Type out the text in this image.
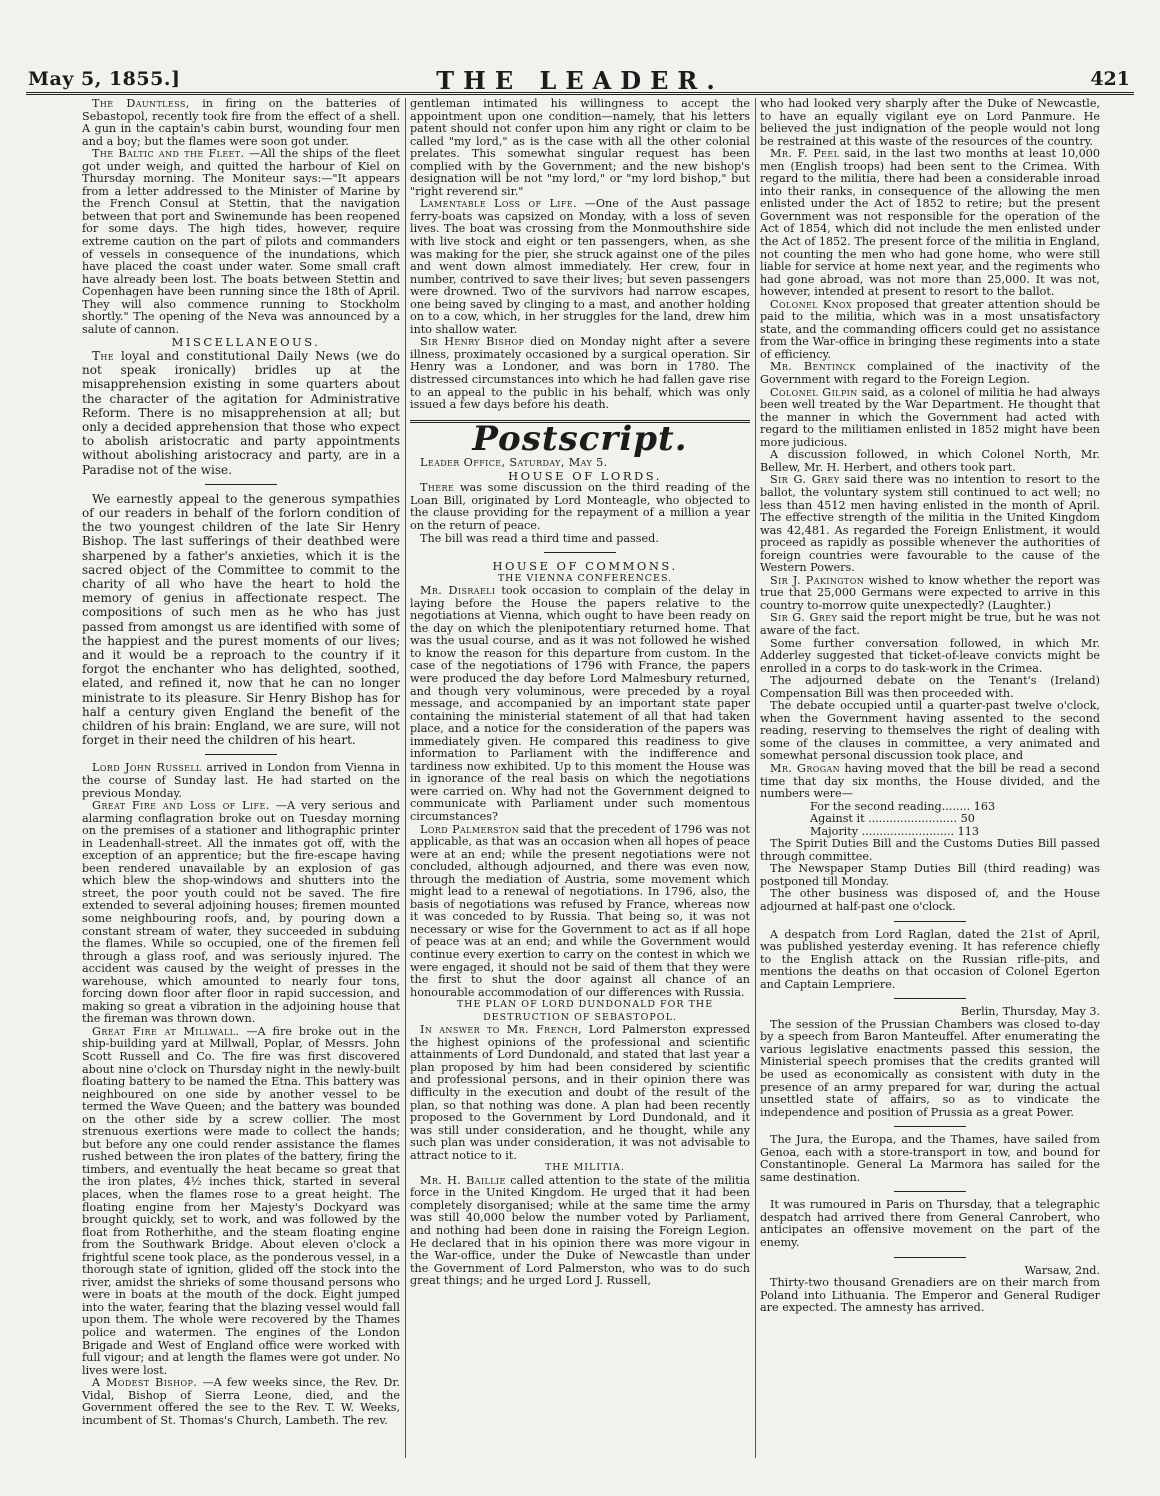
May 5, 1855.]	THE LEADER.	421

The Dauntless, in firing on the batteries of Sebastopol, recently took fire from the effect of a shell. A gun in the captain's cabin burst, wounding four men and a boy; but the flames were soon got under.

The Baltic and the Fleet. —All the ships of the fleet got under weigh, and quitted the harbour of Kiel on Thursday morning. The Moniteur says:—"It appears from a letter addressed to the Minister of Marine by the French Consul at Stettin, that the navigation between that port and Swinemunde has been reopened for some days. The high tides, however, require extreme caution on the part of pilots and commanders of vessels in consequence of the inundations, which have placed the coast under water. Some small craft have already been lost. The boats between Stettin and Copenhagen have been running since the 18th of April. They will also commence running to Stockholm shortly." The opening of the Neva was announced by a salute of cannon.

MISCELLANEOUS.

The loyal and constitutional Daily News (we do not speak ironically) bridles up at the misapprehension existing in some quarters about the character of the agitation for Administrative Reform. There is no misapprehension at all; but only a decided apprehension that those who expect to abolish aristocratic and party appointments without abolishing aristocracy and party, are in a Paradise not of the wise.

We earnestly appeal to the generous sympathies of our readers in behalf of the forlorn condition of the two youngest children of the late Sir Henry Bishop. The last sufferings of their deathbed were sharpened by a father's anxieties, which it is the sacred object of the Committee to commit to the charity of all who have the heart to hold the memory of genius in affectionate respect. The compositions of such men as he who has just passed from amongst us are identified with some of the happiest and the purest moments of our lives; and it would be a reproach to the country if it forgot the enchanter who has delighted, soothed, elated, and refined it, now that he can no longer ministrate to its pleasure. Sir Henry Bishop has for half a century given England the benefit of the children of his brain: England, we are sure, will not forget in their need the children of his heart.

Lord John Russell arrived in London from Vienna in the course of Sunday last. He had started on the previous Monday.

Great Fire and Loss of Life. —A very serious and alarming conflagration broke out on Tuesday morning on the premises of a stationer and lithographic printer in Leadenhall-street. All the inmates got off, with the exception of an apprentice; but the fire-escape having been rendered unavailable by an explosion of gas which blew the shop-windows and shutters into the street, the poor youth could not be saved. The fire extended to several adjoining houses; firemen mounted some neighbouring roofs, and, by pouring down a constant stream of water, they succeeded in subduing the flames. While so occupied, one of the firemen fell through a glass roof, and was seriously injured. The accident was caused by the weight of presses in the warehouse, which amounted to nearly four tons, forcing down floor after floor in rapid succession, and making so great a vibration in the adjoining house that the fireman was thrown down.

Great Fire at Millwall. —A fire broke out in the ship-building yard at Millwall, Poplar, of Messrs. John Scott Russell and Co. The fire was first discovered about nine o'clock on Thursday night in the newly-built floating battery to be named the Etna. This battery was neighboured on one side by another vessel to be termed the Wave Queen; and the battery was bounded on the other side by a screw collier. The most strenuous exertions were made to collect the hands; but before any one could render assistance the flames rushed between the iron plates of the battery, firing the timbers, and eventually the heat became so great that the iron plates, 4½ inches thick, started in several places, when the flames rose to a great height. The floating engine from her Majesty's Dockyard was brought quickly, set to work, and was followed by the float from Rotherhithe, and the steam floating engine from the Southwark Bridge. About eleven o'clock a frightful scene took place, as the ponderous vessel, in a thorough state of ignition, glided off the stock into the river, amidst the shrieks of some thousand persons who were in boats at the mouth of the dock. Eight jumped into the water, fearing that the blazing vessel would fall upon them. The whole were recovered by the Thames police and watermen. The engines of the London Brigade and West of England office were worked with full vigour; and at length the flames were got under. No lives were lost.

A Modest Bishop. —A few weeks since, the Rev. Dr. Vidal, Bishop of Sierra Leone, died, and the Government offered the see to the Rev. T. W. Weeks, incumbent of St. Thomas's Church, Lambeth. The rev.

gentleman intimated his willingness to accept the appointment upon one condition—namely, that his letters patent should not confer upon him any right or claim to be called "my lord," as is the case with all the other colonial prelates. This somewhat singular request has been complied with by the Government; and the new bishop's designation will be not "my lord," or "my lord bishop," but "right reverend sir."

Lamentable Loss of Life. —One of the Aust passage ferry-boats was capsized on Monday, with a loss of seven lives. The boat was crossing from the Monmouthshire side with live stock and eight or ten passengers, when, as she was making for the pier, she struck against one of the piles and went down almost immediately. Her crew, four in number, contrived to save their lives; but seven passengers were drowned. Two of the survivors had narrow escapes, one being saved by clinging to a mast, and another holding on to a cow, which, in her struggles for the land, drew him into shallow water.

Sir Henry Bishop died on Monday night after a severe illness, proximately occasioned by a surgical operation. Sir Henry was a Londoner, and was born in 1780. The distressed circumstances into which he had fallen gave rise to an appeal to the public in his behalf, which was only issued a few days before his death.

Postscript.

Leader Office, Saturday, May 5.

HOUSE OF LORDS.

There was some discussion on the third reading of the Loan Bill, originated by Lord Monteagle, who objected to the clause providing for the repayment of a million a year on the return of peace.

The bill was read a third time and passed.

HOUSE OF COMMONS.

THE VIENNA CONFERENCES.

Mr. Disraeli took occasion to complain of the delay in laying before the House the papers relative to the negotiations at Vienna, which ought to have been ready on the day on which the plenipotentiary returned home. That was the usual course, and as it was not followed he wished to know the reason for this departure from custom. In the case of the negotiations of 1796 with France, the papers were produced the day before Lord Malmesbury returned, and though very voluminous, were preceded by a royal message, and accompanied by an important state paper containing the ministerial statement of all that had taken place, and a notice for the consideration of the papers was immediately given. He compared this readiness to give information to Parliament with the indifference and tardiness now exhibited. Up to this moment the House was in ignorance of the real basis on which the negotiations were carried on. Why had not the Government deigned to communicate with Parliament under such momentous circumstances?

Lord Palmerston said that the precedent of 1796 was not applicable, as that was an occasion when all hopes of peace were at an end; while the present negotiations were not concluded, although adjourned, and there was even now, through the mediation of Austria, some movement which might lead to a renewal of negotiations. In 1796, also, the basis of negotiations was refused by France, whereas now it was conceded to by Russia. That being so, it was not necessary or wise for the Government to act as if all hope of peace was at an end; and while the Government would continue every exertion to carry on the contest in which we were engaged, it should not be said of them that they were the first to shut the door against all chance of an honourable accommodation of our differences with Russia.

THE PLAN OF LORD DUNDONALD FOR THE DESTRUCTION OF SEBASTOPOL.

In answer to Mr. French, Lord Palmerston expressed the highest opinions of the professional and scientific attainments of Lord Dundonald, and stated that last year a plan proposed by him had been considered by scientific and professional persons, and in their opinion there was difficulty in the execution and doubt of the result of the plan, so that nothing was done. A plan had been recently proposed to the Government by Lord Dundonald, and it was still under consideration, and he thought, while any such plan was under consideration, it was not advisable to attract notice to it.

THE MILITIA.

Mr. H. Baillie called attention to the state of the militia force in the United Kingdom. He urged that it had been completely disorganised; while at the same time the army was still 40,000 below the number voted by Parliament, and nothing had been done in raising the Foreign Legion. He declared that in his opinion there was more vigour in the War-office, under the Duke of Newcastle than under the Government of Lord Palmerston, who was to do such great things; and he urged Lord J. Russell,

who had looked very sharply after the Duke of Newcastle, to have an equally vigilant eye on Lord Panmure. He believed the just indignation of the people would not long be restrained at this waste of the resources of the country.

Mr. F. Peel said, in the last two months at least 10,000 men (English troops) had been sent to the Crimea. With regard to the militia, there had been a considerable inroad into their ranks, in consequence of the allowing the men enlisted under the Act of 1852 to retire; but the present Government was not responsible for the operation of the Act of 1854, which did not include the men enlisted under the Act of 1852. The present force of the militia in England, not counting the men who had gone home, who were still liable for service at home next year, and the regiments who had gone abroad, was not more than 25,000. It was not, however, intended at present to resort to the ballot.

Colonel Knox proposed that greater attention should be paid to the militia, which was in a most unsatisfactory state, and the commanding officers could get no assistance from the War-office in bringing these regiments into a state of efficiency.

Mr. Bentinck complained of the inactivity of the Government with regard to the Foreign Legion.

Colonel Gilpin said, as a colonel of militia he had always been well treated by the War Department. He thought that the manner in which the Government had acted with regard to the militiamen enlisted in 1852 might have been more judicious.

A discussion followed, in which Colonel North, Mr. Bellew, Mr. H. Herbert, and others took part.

Sir G. Grey said there was no intention to resort to the ballot, the voluntary system still continued to act well; no less than 4512 men having enlisted in the month of April. The effective strength of the militia in the United Kingdom was 42,481. As regarded the Foreign Enlistment, it would proceed as rapidly as possible whenever the authorities of foreign countries were favourable to the cause of the Western Powers.

Sir J. Pakington wished to know whether the report was true that 25,000 Germans were expected to arrive in this country to-morrow quite unexpectedly? (Laughter.)

Sir G. Grey said the report might be true, but he was not aware of the fact.

Some further conversation followed, in which Mr. Adderley suggested that ticket-of-leave convicts might be enrolled in a corps to do task-work in the Crimea.

The adjourned debate on the Tenant's (Ireland) Compensation Bill was then proceeded with.

The debate occupied until a quarter-past twelve o'clock, when the Government having assented to the second reading, reserving to themselves the right of dealing with some of the clauses in committee, a very animated and somewhat personal discussion took place, and

Mr. Grogan having moved that the bill be read a second time that day six months, the House divided, and the numbers were—

For the second reading........ 163

Against it ......................... 50

Majority .......................... 113

The Spirit Duties Bill and the Customs Duties Bill passed through committee.

The Newspaper Stamp Duties Bill (third reading) was postponed till Monday.

The other business was disposed of, and the House adjourned at half-past one o'clock.

A despatch from Lord Raglan, dated the 21st of April, was published yesterday evening. It has reference chiefly to the English attack on the Russian rifle-pits, and mentions the deaths on that occasion of Colonel Egerton and Captain Lempriere.

Berlin, Thursday, May 3.

The session of the Prussian Chambers was closed to-day by a speech from Baron Manteuffel. After enumerating the various legislative enactments passed this session, the Ministerial speech promises that the credits granted will be used as economically as consistent with duty in the presence of an army prepared for war, during the actual unsettled state of affairs, so as to vindicate the independence and position of Prussia as a great Power.

The Jura, the Europa, and the Thames, have sailed from Genoa, each with a store-transport in tow, and bound for Constantinople. General La Marmora has sailed for the same destination.

It was rumoured in Paris on Thursday, that a telegraphic despatch had arrived there from General Canrobert, who anticipates an offensive movement on the part of the enemy.

Warsaw, 2nd.

Thirty-two thousand Grenadiers are on their march from Poland into Lithuania. The Emperor and General Rudiger are expected. The amnesty has arrived.
